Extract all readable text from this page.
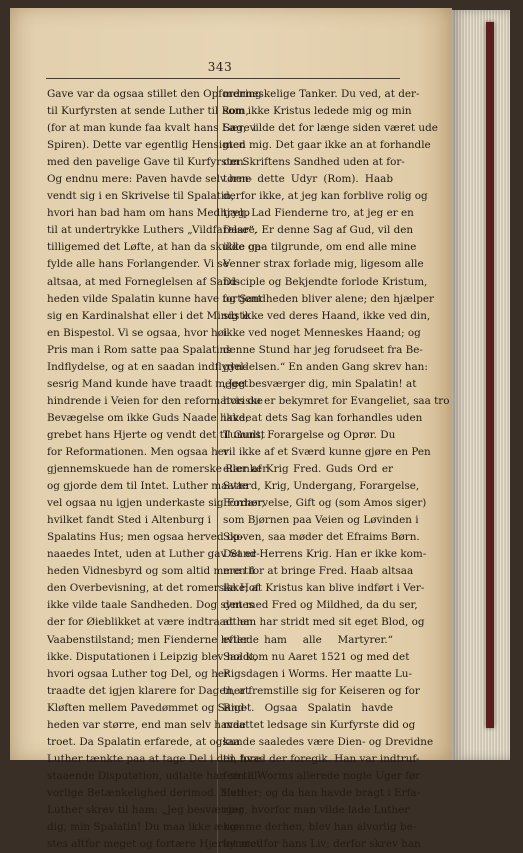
343
Gave var da ogsaa stillet den Opfordring
til Kurfyrsten at sende Luther til Rom,
(for at man kunde faa kvalt hans Lære i
Spiren). Dette var egentlig Hensigten
med den pavelige Gave til Kurfyrsten.
Og endnu mere: Paven havde selv hen-
vendt sig i en Skrivelse til Spalatin,
hvori han bad ham om hans Medhjælp
til at undertrykke Luthers „Vildfarelse“,
tilligemed det Løfte, at han da skulde op-
fylde alle hans Forlangender. Vi se
altsaa, at med Forneglelsen af Sand-
heden vilde Spalatin kunne have fortjent
sig en Kardinalshat eller i det Mindste
en Bispestol. Vi se ogsaa, hvor høi
Pris man i Rom satte paa Spalatins
Indflydelse, og at en saadan indflydel-
sesrig Mand kunde have traadt meget
hindrende i Veien for den reformatoriske
Bevægelse om ikke Guds Naade havde
grebet hans Hjerte og vendt det til Gunst
for Reformationen. Men ogsaa her
gjennemskuede han de romerske Rænker
og gjorde dem til Intet. Luther maatte
vel ogsaa nu igjen underkaste sig Forhør,
hvilket fandt Sted i Altenburg i
Spalatins Hus; men ogsaa herved op-
naaedes Intet, uden at Luther gav Sand-
heden Vidnesbyrd og som altid mere til
den Overbevisning, at det romerske Hof
ikke vilde taale Sandheden. Dog syntes
der for Øieblikket at være indtraadt en
Vaabenstilstand; men Fienderne hvilede
ikke. Disputationen i Leipzig blev holdt,
hvori ogsaa Luther tog Del, og her
traadte det igjen klarere for Dagen, at
Kløften mellem Pavedømmet og Sand-
heden var større, end man selv havde
troet. Da Spalatin erfarede, at ogsaa
Luther tænkte paa at tage Del i den fore-
staaende Disputation, udtalte han sin al-
vorlige Betænkelighed derimod. Men
Luther skrev til ham: „Jeg besværger
dig, min Spalatin! Du maa ikke æng-
stes altfor meget og fortære Hjertet med
menneskelige Tanker. Du ved, at der-
som ikke Kristus ledede mig og min
Sag, vilde det for længe siden været ude
med mig. Det gaar ikke an at forhandle
om Skriftens Sandhed uden at for-
tørne dette Udyr (Rom). Haab
derfor ikke, at jeg kan forblive rolig og
tryg. Lad Fienderne tro, at jeg er en
Daare. Er denne Sag af Gud, vil den
ikke gaa tilgrunde, om end alle mine
Venner strax forlade mig, ligesom alle
Disciple og Bekjendte forlode Kristum,
og Sandheden bliver alene; den hjælper
sig ikke ved deres Haand, ikke ved din,
ikke ved noget Menneskes Haand; og
denne Stund har jeg forudseet fra Be-
gyndelsen.“ En anden Gang skrev han:
„Jeg besværger dig, min Spalatin! at
hvis du er bekymret for Evangeliet, saa tro
ikke, at dets Sag kan forhandles uden
Tumult, Forargelse og Oprør. Du
vil ikke af et Sværd kunne gjøre en Pen
eller af Krig Fred. Guds Ord er
Sværd, Krig, Undergang, Forargelse,
Fordærvelse, Gift og (som Amos siger)
som Bjørnen paa Veien og Løvinden i
Skoven, saa møder det Efraims Børn.
Det er Herrens Krig. Han er ikke kom-
men for at bringe Fred. Haab altsaa
ikke, at Kristus kan blive indført i Ver-
den med Fred og Mildhed, da du ser,
at han har stridt med sit eget Blod, og
efter ham alle Martyrer.“
Saa kom nu Aaret 1521 og med det
Rigsdagen i Worms. Her maatte Lu-
ther fremstille sig for Keiseren og for
Riget. Ogsaa Spalatin havde
maattet ledsage sin Kurfyrste did og
kunde saaledes være Dien- og Drevidne
til, hvad der foregik. Han var indtruf-
fen til Worms allerede nogle Uger før
Luther; og da han havde bragt i Erfa-
ring, hvorfor man vilde lade Luther
komme derhen, blev han alvorlig be-
kymret for hans Liv; derfor skrev han
